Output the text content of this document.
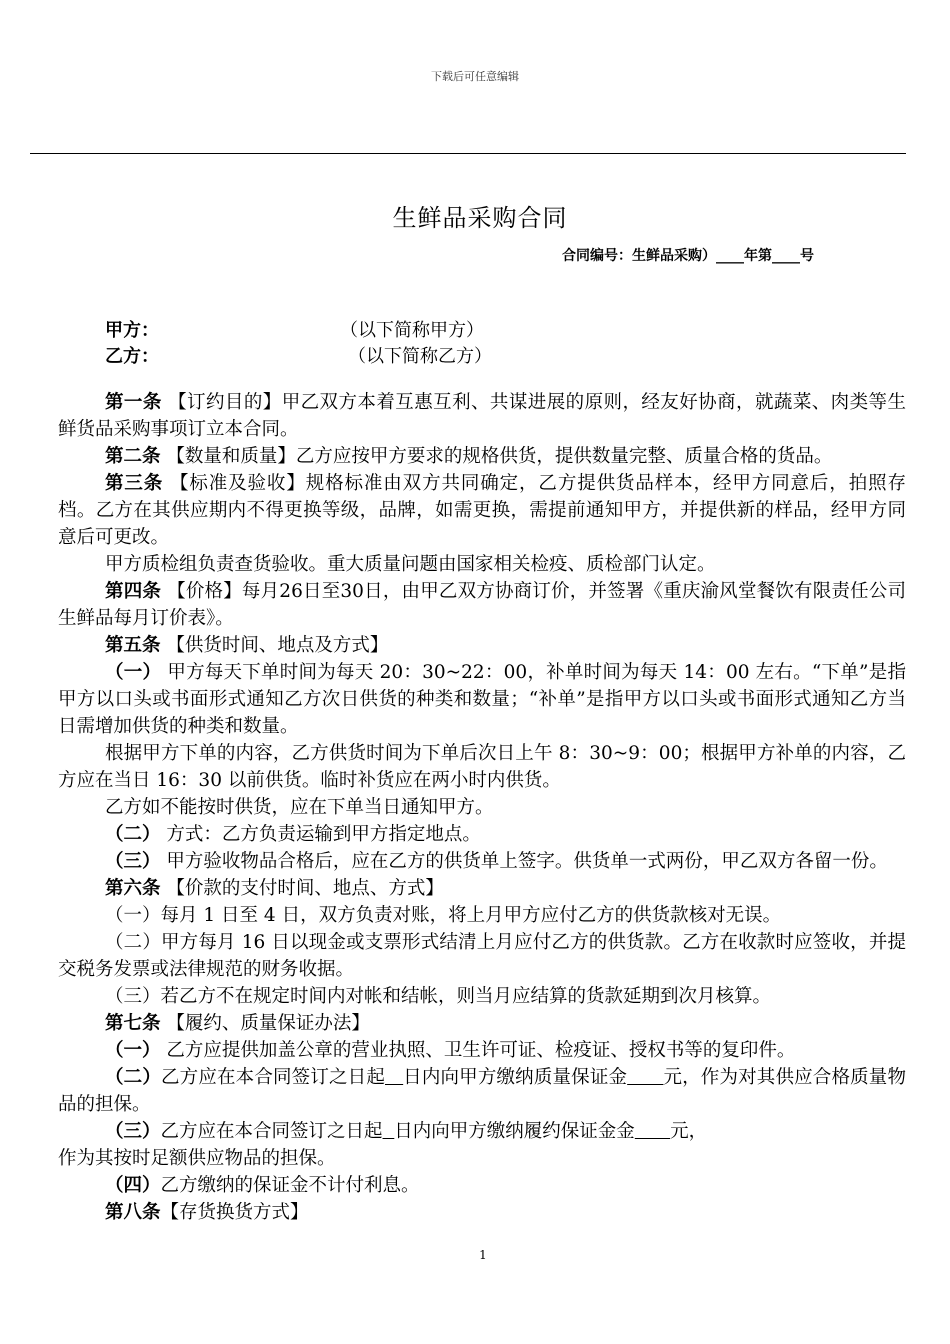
下载后可任意编辑
生鲜品采购合同
合同编号：生鲜品采购）____年第____号
甲方：	（以下简称甲方）
乙方：	（以下简称乙方）

第一条 【订约目的】甲乙双方本着互惠互利、共谋进展的原则，经友好协商，就蔬菜、肉类等生鲜货品采购事项订立本合同。

第二条 【数量和质量】乙方应按甲方要求的规格供货，提供数量完整、质量合格的货品。

第三条 【标准及验收】规格标准由双方共同确定，乙方提供货品样本，经甲方同意后，拍照存档。乙方在其供应期内不得更换等级，品牌，如需更换，需提前通知甲方，并提供新的样品，经甲方同意后可更改。

甲方质检组负责查货验收。重大质量问题由国家相关检疫、质检部门认定。

第四条 【价格】每月26日至30日，由甲乙双方协商订价，并签署《重庆渝风堂餐饮有限责任公司生鲜品每月订价表》。

第五条 【供货时间、地点及方式】

（一） 甲方每天下单时间为每天 20：30~22：00，补单时间为每天 14：00 左右。“下单”是指甲方以口头或书面形式通知乙方次日供货的种类和数量；“补单”是指甲方以口头或书面形式通知乙方当日需增加供货的种类和数量。

根据甲方下单的内容，乙方供货时间为下单后次日上午 8：30~9：00；根据甲方补单的内容，乙方应在当日 16：30 以前供货。临时补货应在两小时内供货。

乙方如不能按时供货，应在下单当日通知甲方。

（二） 方式：乙方负责运输到甲方指定地点。

（三） 甲方验收物品合格后，应在乙方的供货单上签字。供货单一式两份，甲乙双方各留一份。

第六条 【价款的支付时间、地点、方式】

（一）每月 1 日至 4 日，双方负责对账，将上月甲方应付乙方的供货款核对无误。

（二）甲方每月 16 日以现金或支票形式结清上月应付乙方的供货款。乙方在收款时应签收，并提交税务发票或法律规范的财务收据。

（三）若乙方不在规定时间内对帐和结帐，则当月应结算的货款延期到次月核算。

第七条 【履约、质量保证办法】

（一） 乙方应提供加盖公章的营业执照、卫生许可证、检疫证、授权书等的复印件。

（二）乙方应在本合同签订之日起 日内向甲方缴纳质量保证金 元，作为对其供应合格质量物品的担保。

（三）乙方应在本合同签订之日起 日内向甲方缴纳履约保证金金 元，

作为其按时足额供应物品的担保。

（四）乙方缴纳的保证金不计付利息。

第八条【存货换货方式】

1
